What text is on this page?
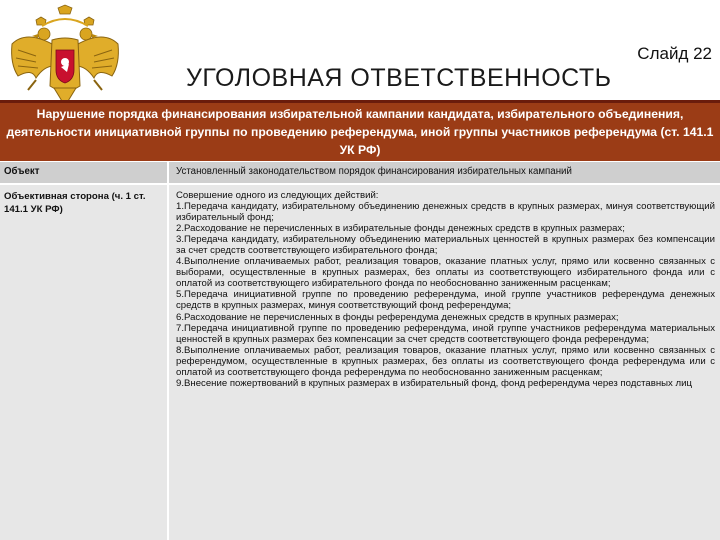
Слайд 22
УГОЛОВНАЯ ОТВЕТСТВЕННОСТЬ
Нарушение порядка финансирования избирательной кампании кандидата, избирательного объединения, деятельности инициативной группы по проведению референдума, иной группы участников референдума (ст. 141.1 УК РФ)
Объект	Установленный законодательством порядок финансирования избирательных кампаний
Объективная сторона (ч. 1 ст. 141.1 УК РФ)
Совершение одного из следующих действий:
1.Передача кандидату, избирательному объединению денежных средств в крупных размерах, минуя соответствующий избирательный фонд;
2.Расходование не перечисленных в избирательные фонды денежных средств в крупных размерах;
3.Передача кандидату, избирательному объединению материальных ценностей в крупных размерах без компенсации за счет средств соответствующего избирательного фонда;
4.Выполнение оплачиваемых работ, реализация товаров, оказание платных услуг, прямо или косвенно связанных с выборами, осуществленные в крупных размерах, без оплаты из соответствующего избирательного фонда или с оплатой из соответствующего избирательного фонда по необоснованно заниженным расценкам;
5.Передача инициативной группе по проведению референдума, иной группе участников референдума денежных средств в крупных размерах, минуя соответствующий фонд референдума;
6.Расходование не перечисленных в фонды референдума денежных средств в крупных размерах;
7.Передача инициативной группе по проведению референдума, иной группе участников референдума материальных ценностей в крупных размерах без компенсации за счет средств соответствующего фонда референдума;
8.Выполнение оплачиваемых работ, реализация товаров, оказание платных услуг, прямо или косвенно связанных с референдумом, осуществленные в крупных размерах, без оплаты из соответствующего фонда референдума или с оплатой из соответствующего фонда референдума по необоснованно заниженным расценкам;
9.Внесение пожертвований в крупных размерах в избирательный фонд, фонд референдума через подставных лиц
